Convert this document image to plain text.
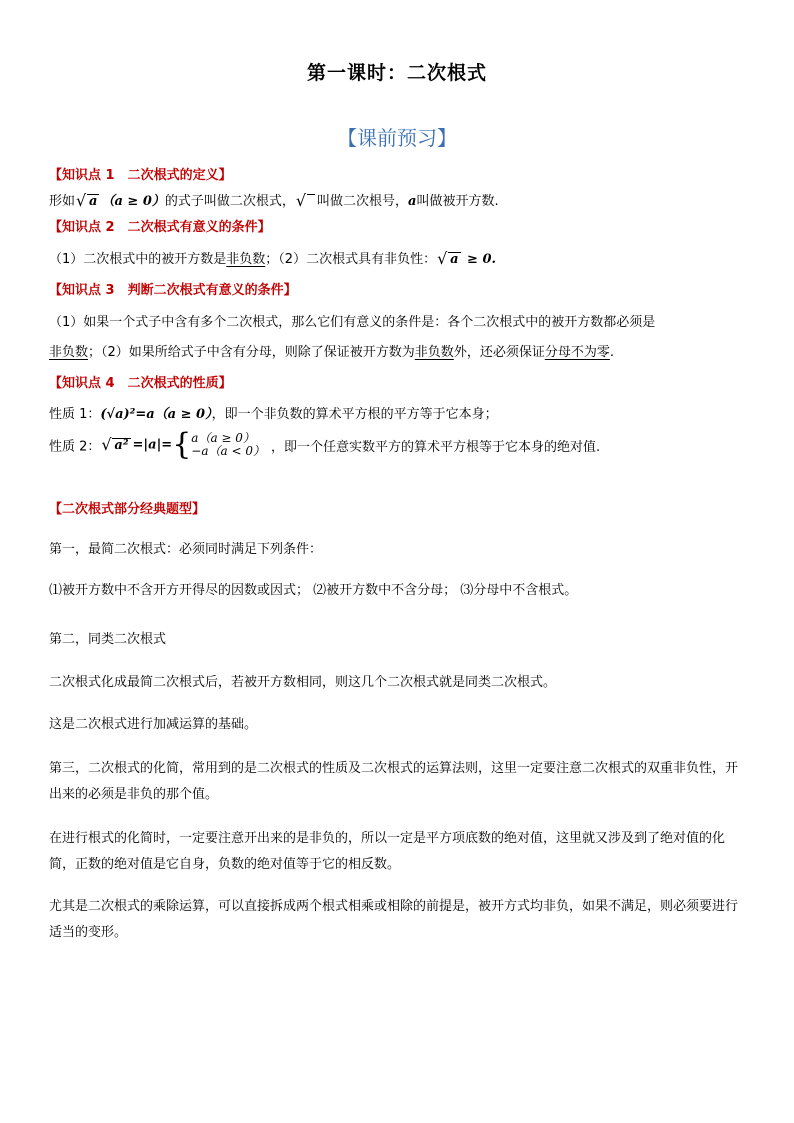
第一课时：二次根式
【课前预习】
【知识点 1　二次根式的定义】
形如 √ a （a ≥ 0）的式子叫做二次根式， √ 叫做二次根号，a叫做被开方数.
【知识点 2　二次根式有意义的条件】
（1）二次根式中的被开方数是非负数；（2）二次根式具有非负性： √ a ≥ 0.
【知识点 3　判断二次根式有意义的条件】
（1）如果一个式子中含有多个二次根式，那么它们有意义的条件是：各个二次根式中的被开方数都必须是
非负数；（2）如果所给式子中含有分母，则除了保证被开方数为非负数外，还必须保证分母不为零.
【知识点 4　二次根式的性质】
性质 1：(√a)²=a（a ≥ 0），即一个非负数的算术平方根的平方等于它本身；
性质 2： √ a² =|a|={ a（a ≥ 0）
−a（a < 0） ，即一个任意实数平方的算术平方根等于它本身的绝对值.
【二次根式部分经典题型】
第一，最简二次根式：必须同时满足下列条件：
⑴被开方数中不含开方开得尽的因数或因式； ⑵被开方数中不含分母； ⑶分母中不含根式。
第二，同类二次根式
二次根式化成最简二次根式后，若被开方数相同，则这几个二次根式就是同类二次根式。
这是二次根式进行加减运算的基础。
第三，二次根式的化简，常用到的是二次根式的性质及二次根式的运算法则，这里一定要注意二次根式的双重非负性，开出来的必须是非负的那个值。
在进行根式的化简时，一定要注意开出来的是非负的，所以一定是平方项底数的绝对值，这里就又涉及到了绝对值的化简，正数的绝对值是它自身，负数的绝对值等于它的相反数。
尤其是二次根式的乘除运算，可以直接拆成两个根式相乘或相除的前提是，被开方式均非负，如果不满足，则必须要进行适当的变形。
